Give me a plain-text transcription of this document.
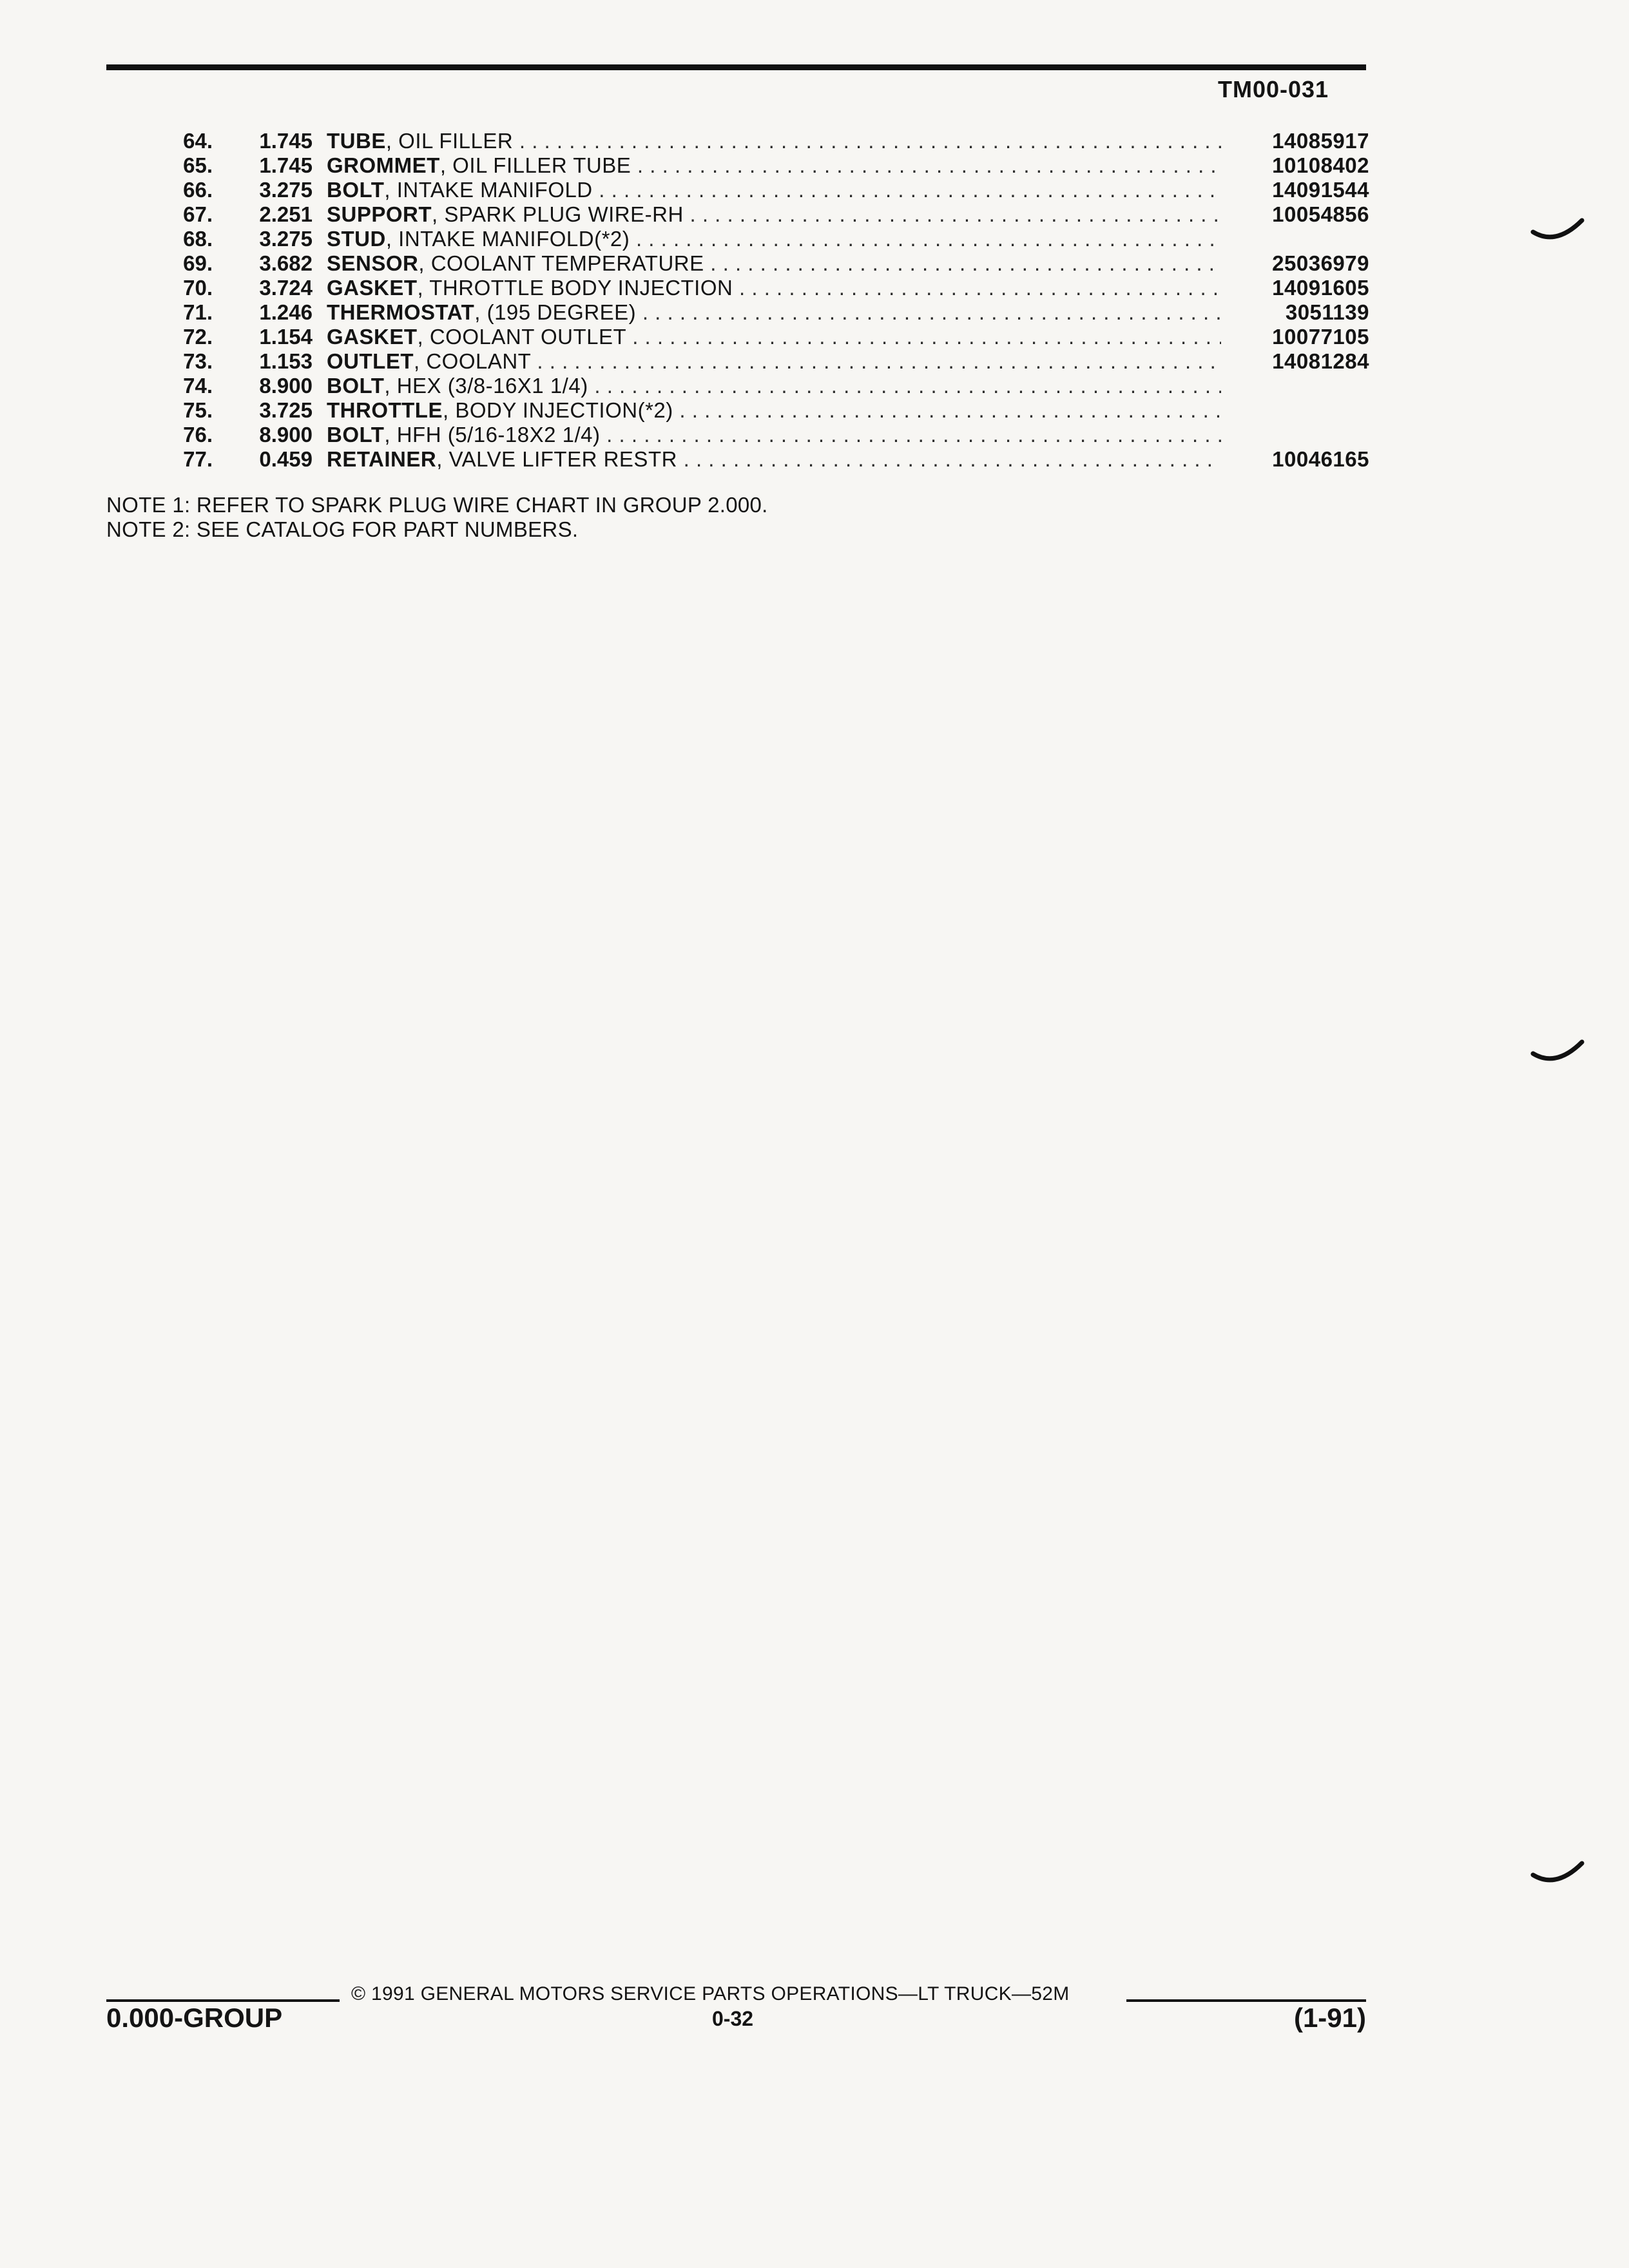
TM00-031
64.	1.745 TUBE, OIL FILLER . . .	14085917
65.	1.745 GROMMET, OIL FILLER TUBE . . .	10108402
66.	3.275 BOLT, INTAKE MANIFOLD . . .	14091544
67.	2.251 SUPPORT, SPARK PLUG WIRE-RH . . .	10054856
68.	3.275 STUD, INTAKE MANIFOLD(*2) . . .
69.	3.682 SENSOR, COOLANT TEMPERATURE . . .	25036979
70.	3.724 GASKET, THROTTLE BODY INJECTION . . .	14091605
71.	1.246 THERMOSTAT, (195 DEGREE) . . .	3051139
72.	1.154 GASKET, COOLANT OUTLET . . .	10077105
73.	1.153 OUTLET, COOLANT . . .	14081284
74.	8.900 BOLT, HEX (3/8-16X1 1/4) . . .
75.	3.725 THROTTLE, BODY INJECTION(*2) . . .
76.	8.900 BOLT, HFH (5/16-18X2 1/4) . . .
77.	0.459 RETAINER, VALVE LIFTER RESTR . . .	10046165
NOTE 1: REFER TO SPARK PLUG WIRE CHART IN GROUP 2.000.
NOTE 2: SEE CATALOG FOR PART NUMBERS.
© 1991 GENERAL MOTORS SERVICE PARTS OPERATIONS—LT TRUCK—52M
0.000-GROUP	0-32	(1-91)
